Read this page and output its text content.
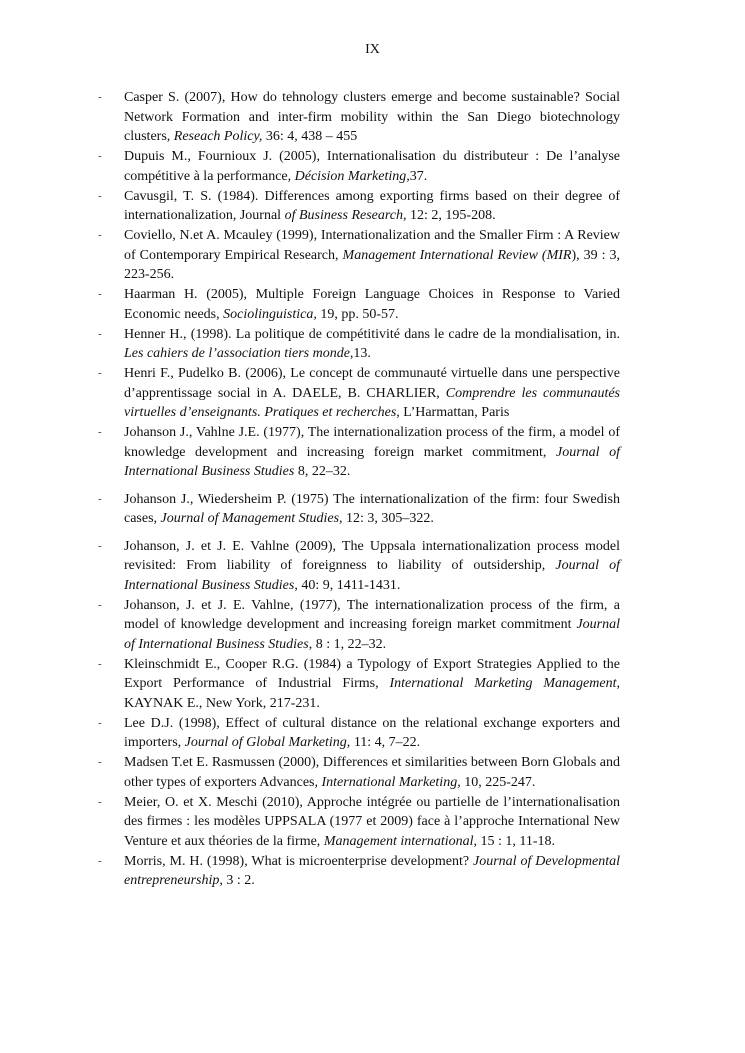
IX
-	Casper S. (2007), How do tehnology clusters emerge and become sustainable? Social Network Formation and inter-firm mobility within the San Diego biotechnology clusters, Reseach Policy, 36: 4, 438 – 455
-	Dupuis M., Fournioux J. (2005), Internationalisation du distributeur : De l’analyse compétitive à la performance, Décision Marketing,37.
-	Cavusgil, T. S. (1984). Differences among exporting firms based on their degree of internationalization, Journal of Business Research, 12: 2, 195-208.
-	Coviello, N.et A. Mcauley (1999), Internationalization and the Smaller Firm : A Review of Contemporary Empirical Research, Management International Review (MIR), 39 : 3, 223-256.
-	Haarman H. (2005), Multiple Foreign Language Choices in Response to Varied Economic needs, Sociolinguistica, 19, pp. 50-57.
-	Henner H., (1998). La politique de compétitivité dans le cadre de la mondialisation, in. Les cahiers de l’association tiers monde,13.
-	Henri F., Pudelko B. (2006), Le concept de communauté virtuelle dans une perspective d’apprentissage social in A. DAELE, B. CHARLIER, Comprendre les communautés virtuelles d’enseignants. Pratiques et recherches, L’Harmattan, Paris
-	Johanson J., Vahlne J.E. (1977), The internationalization process of the firm, a model of knowledge development and increasing foreign market commitment, Journal of International Business Studies 8, 22–32.
-	Johanson J., Wiedersheim P. (1975) The internationalization of the firm: four Swedish cases, Journal of Management Studies, 12: 3, 305–322.
-	Johanson, J. et J. E. Vahlne (2009), The Uppsala internationalization process model revisited: From liability of foreignness to liability of outsidership, Journal of International Business Studies, 40: 9, 1411-1431.
-	Johanson, J. et J. E. Vahlne, (1977), The internationalization process of the firm, a model of knowledge development and increasing foreign market commitment Journal of International Business Studies, 8 : 1, 22–32.
-	Kleinschmidt E., Cooper R.G. (1984) a Typology of Export Strategies Applied to the Export Performance of Industrial Firms, International Marketing Management, KAYNAK E., New York, 217-231.
-	Lee D.J. (1998), Effect of cultural distance on the relational exchange exporters and importers, Journal of Global Marketing, 11: 4, 7–22.
-	Madsen T.et E. Rasmussen (2000), Differences et similarities between Born Globals and other types of exporters Advances, International Marketing, 10, 225-247.
-	Meier, O. et X. Meschi (2010), Approche intégrée ou partielle de l’internationalisation des firmes : les modèles UPPSALA (1977 et 2009) face à l’approche International New Venture et aux théories de la firme, Management international, 15 : 1, 11-18.
-	Morris, M. H. (1998), What is microenterprise development? Journal of Developmental entrepreneurship, 3 : 2.
